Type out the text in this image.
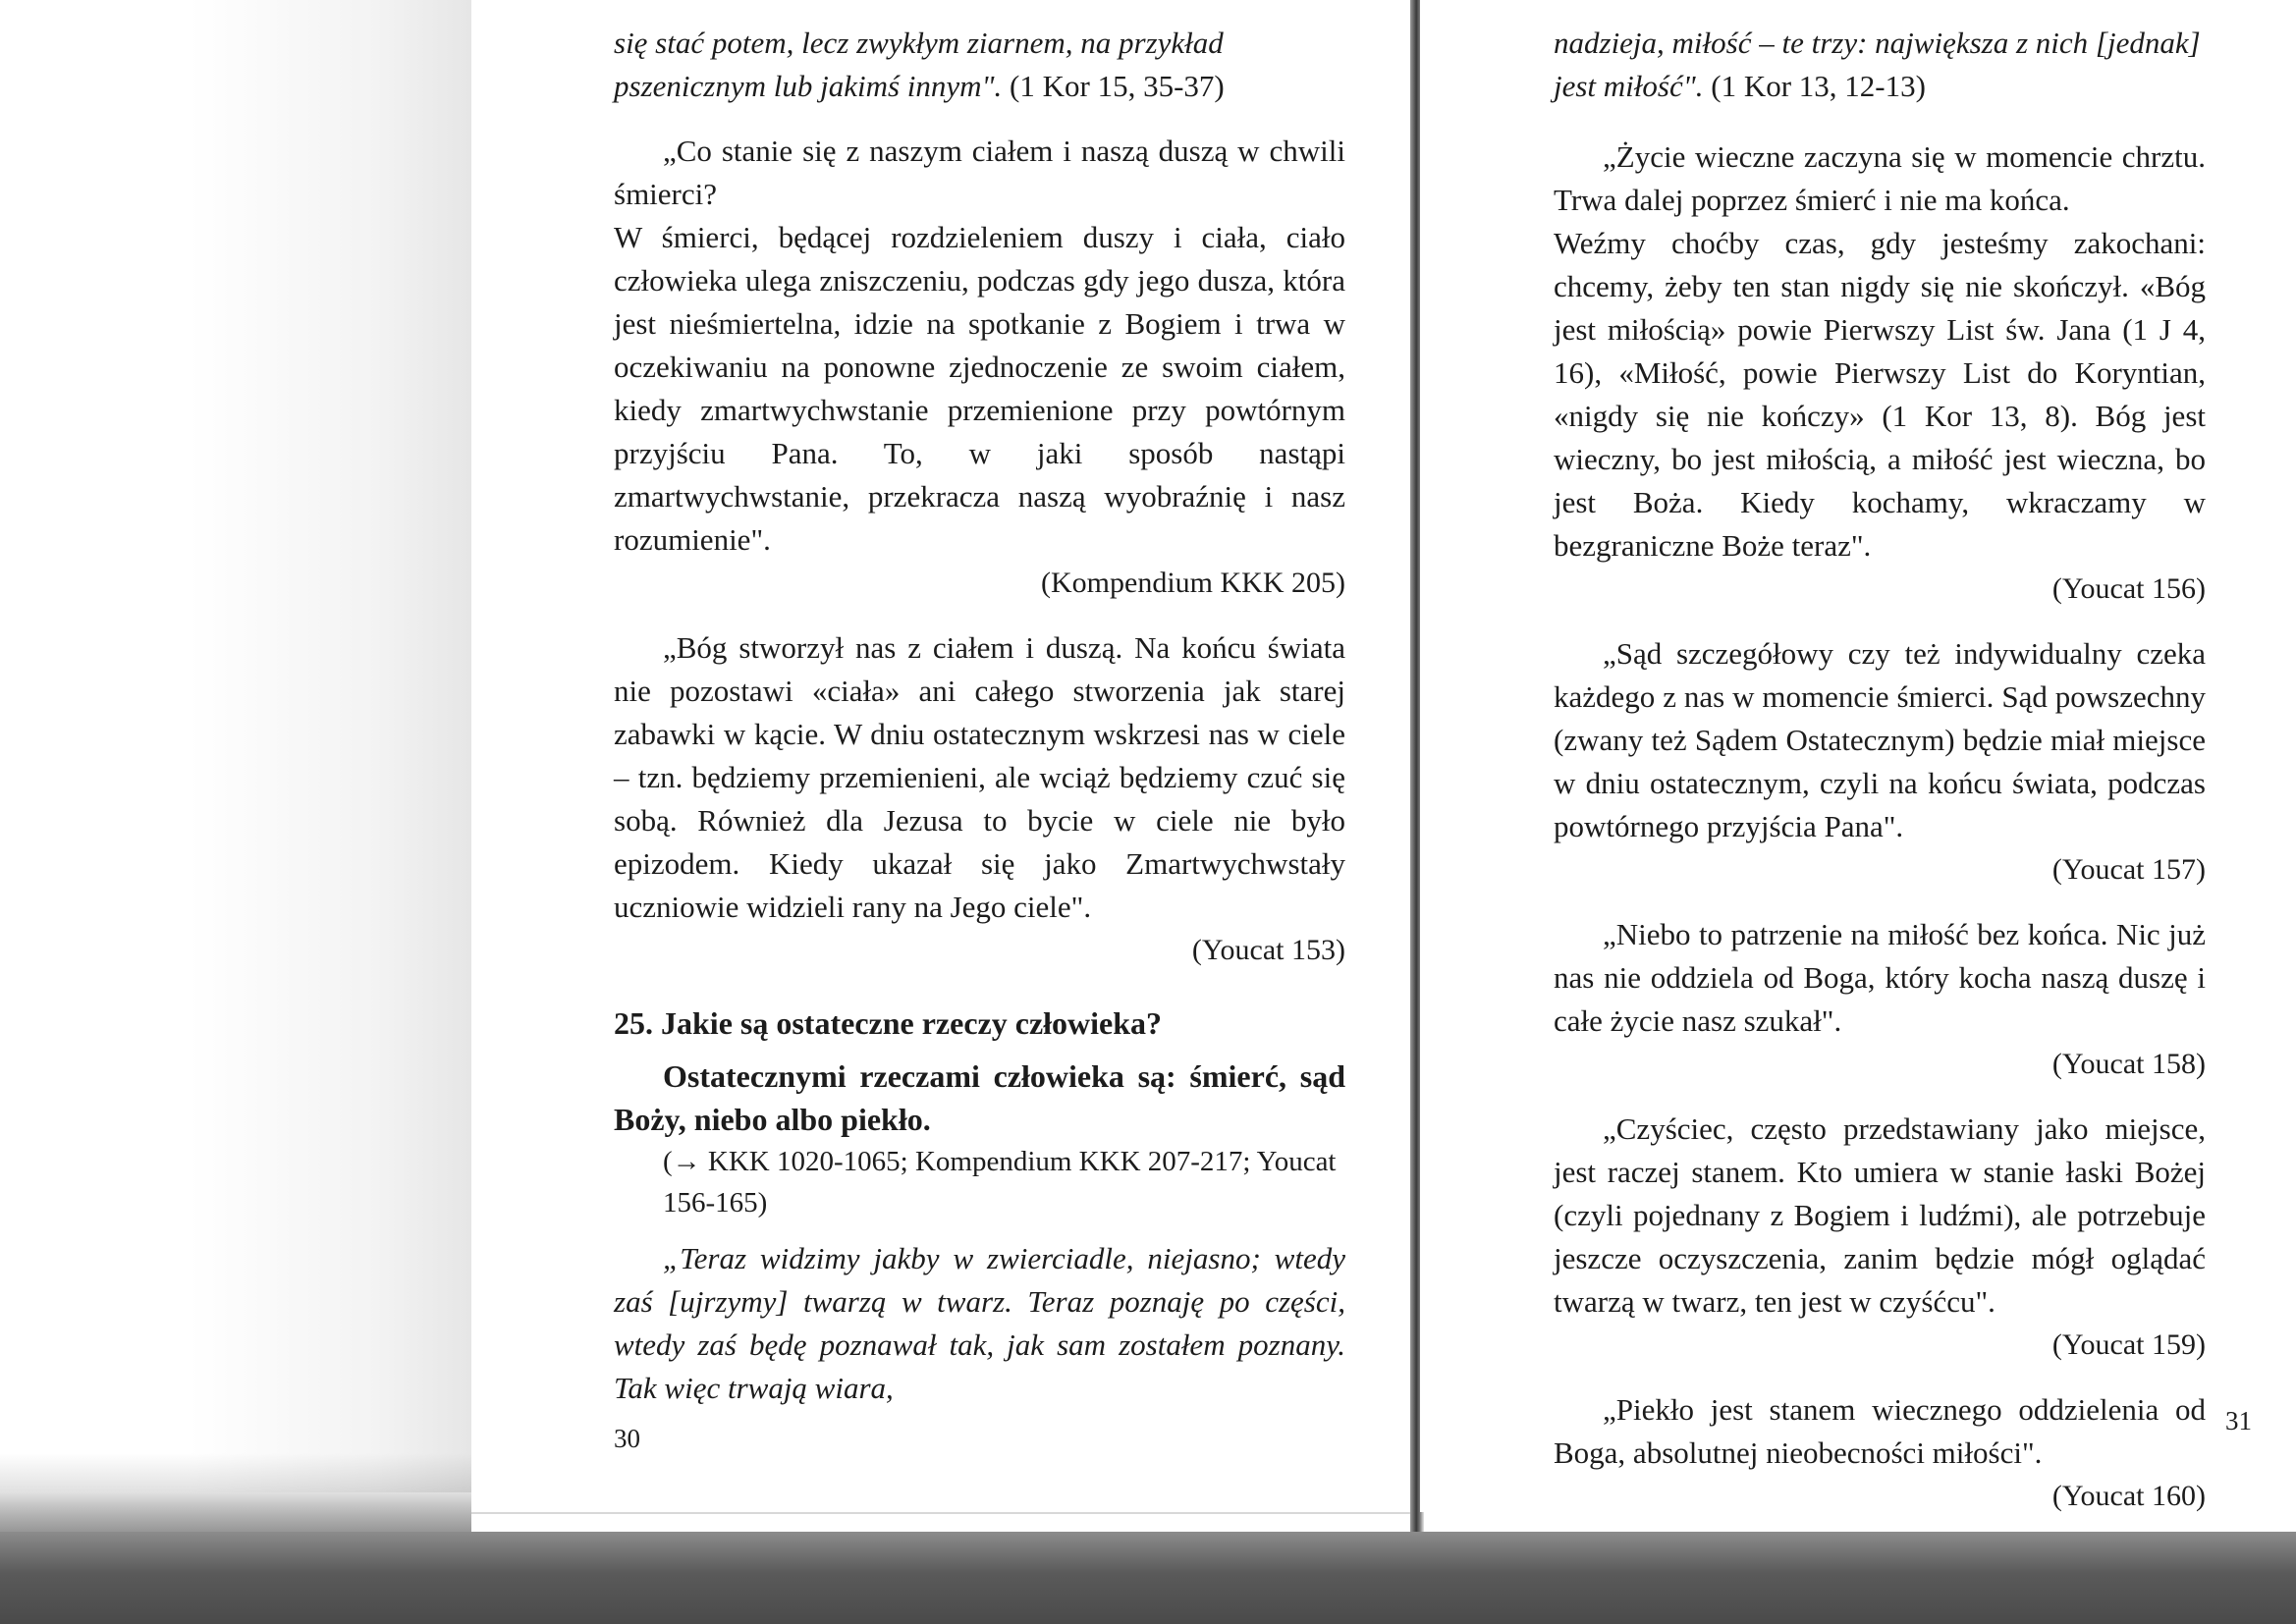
się stać potem, lecz zwykłym ziarnem, na przykład pszenicznym lub jakimś innym". (1 Kor 15, 35-37)

„Co stanie się z naszym ciałem i naszą duszą w chwili śmierci?

W śmierci, będącej rozdzieleniem duszy i ciała, ciało człowieka ulega zniszczeniu, podczas gdy jego dusza, która jest nieśmiertelna, idzie na spotkanie z Bogiem i trwa w oczekiwaniu na ponowne zjednoczenie ze swoim ciałem, kiedy zmartwychwstanie przemienione przy powtórnym przyjściu Pana. To, w jaki sposób nastąpi zmartwychwstanie, przekracza naszą wyobraźnię i nasz rozumienie".

(Kompendium KKK 205)

„Bóg stworzył nas z ciałem i duszą. Na końcu świata nie pozostawi «ciała» ani całego stworzenia jak starej zabawki w kącie. W dniu ostatecznym wskrzesi nas w ciele – tzn. będziemy przemienieni, ale wciąż będziemy czuć się sobą. Również dla Jezusa to bycie w ciele nie było epizodem. Kiedy ukazał się jako Zmartwychwstały uczniowie widzieli rany na Jego ciele".

(Youcat 153)

25. Jakie są ostateczne rzeczy człowieka?

Ostatecznymi rzeczami człowieka są: śmierć, sąd Boży, niebo albo piekło.

(→ KKK 1020-1065; Kompendium KKK 207-217; Youcat 156-165)

„Teraz widzimy jakby w zwierciadle, niejasno; wtedy zaś [ujrzymy] twarzą w twarz. Teraz poznaję po części, wtedy zaś będę poznawał tak, jak sam zostałem poznany. Tak więc trwają wiara,

30

nadzieja, miłość – te trzy: największa z nich [jednak] jest miłość". (1 Kor 13, 12-13)

„Życie wieczne zaczyna się w momencie chrztu. Trwa dalej poprzez śmierć i nie ma końca.

Weźmy choćby czas, gdy jesteśmy zakochani: chcemy, żeby ten stan nigdy się nie skończył. «Bóg jest miłością» powie Pierwszy List św. Jana (1 J 4, 16), «Miłość, powie Pierwszy List do Koryntian, «nigdy się nie kończy» (1 Kor 13, 8). Bóg jest wieczny, bo jest miłością, a miłość jest wieczna, bo jest Boża. Kiedy kochamy, wkraczamy w bezgraniczne Boże teraz".

(Youcat 156)

„Sąd szczegółowy czy też indywidualny czeka każdego z nas w momencie śmierci. Sąd powszechny (zwany też Sądem Ostatecznym) będzie miał miejsce w dniu ostatecznym, czyli na końcu świata, podczas powtórnego przyjścia Pana".

(Youcat 157)

„Niebo to patrzenie na miłość bez końca. Nic już nas nie oddziela od Boga, który kocha naszą duszę i całe życie nasz szukał".

(Youcat 158)

„Czyściec, często przedstawiany jako miejsce, jest raczej stanem. Kto umiera w stanie łaski Bożej (czyli pojednany z Bogiem i ludźmi), ale potrzebuje jeszcze oczyszczenia, zanim będzie mógł oglądać twarzą w twarz, ten jest w czyśćcu".

(Youcat 159)

„Piekło jest stanem wiecznego oddzielenia od Boga, absolutnej nieobecności miłości".

(Youcat 160)

31
